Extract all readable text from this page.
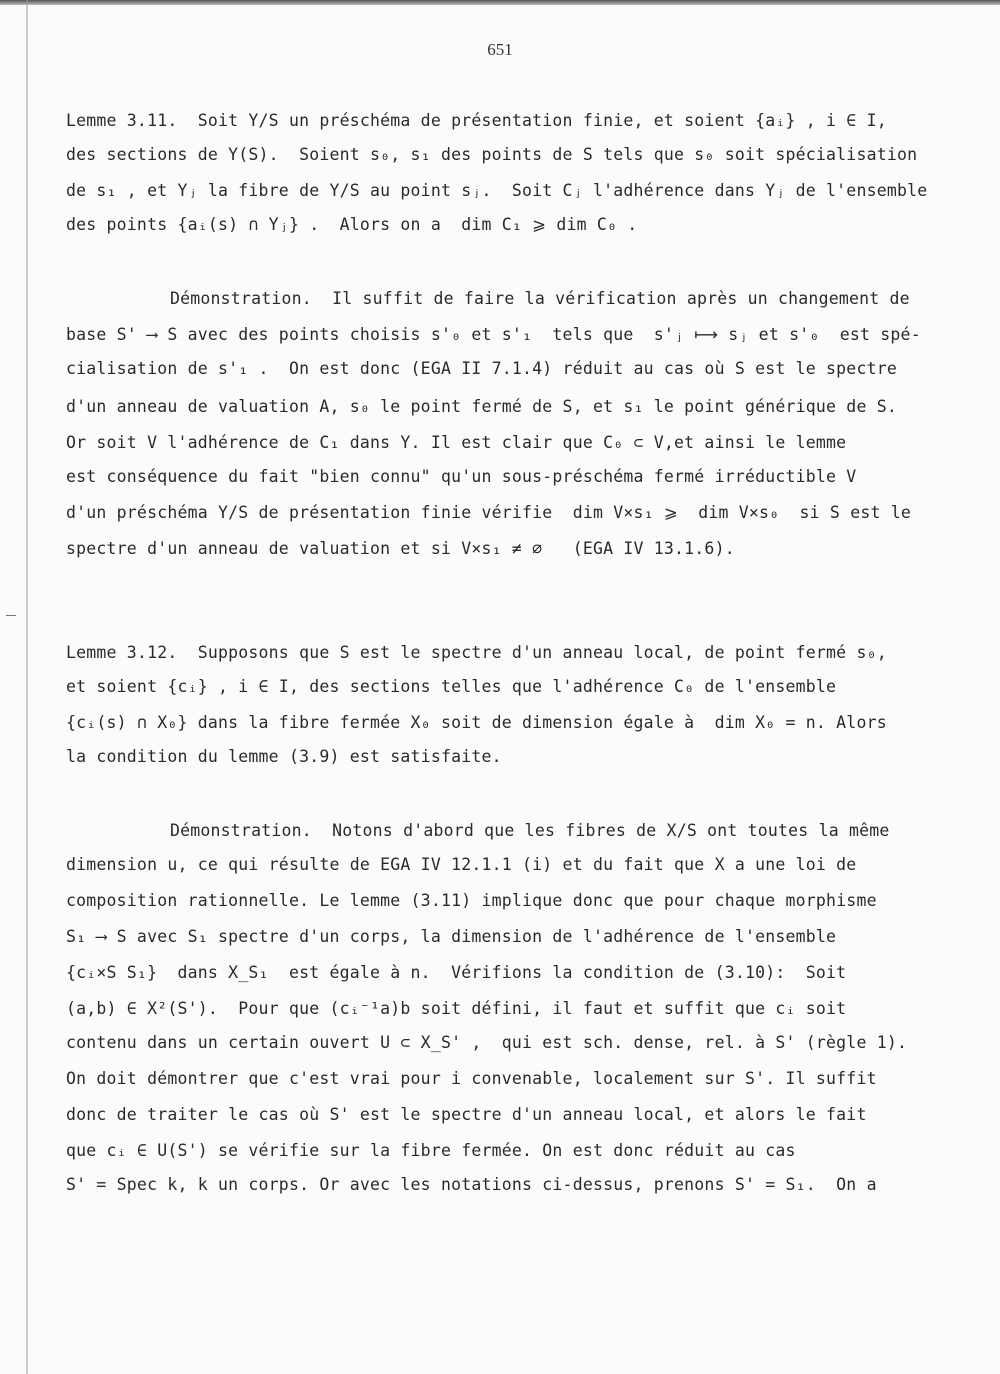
651
Lemme 3.11.  Soit Y/S un préschéma de présentation finie, et soient {aᵢ} , i ∈ I,
des sections de Y(S).  Soient s₀, s₁ des points de S tels que s₀ soit spécialisation
de s₁ , et Yⱼ la fibre de Y/S au point sⱼ.  Soit Cⱼ l'adhérence dans Yⱼ de l'ensemble
des points {aᵢ(s) ∩ Yⱼ} .  Alors on a  dim C₁ ⩾ dim C₀ .
Démonstration.  Il suffit de faire la vérification après un changement de
base S' ⟶ S avec des points choisis s'₀ et s'₁  tels que  s'ⱼ ⟼ sⱼ et s'₀  est spé-
cialisation de s'₁ .  On est donc (EGA II 7.1.4) réduit au cas où S est le spectre
d'un anneau de valuation A, s₀ le point fermé de S, et s₁ le point générique de S.
Or soit V l'adhérence de C₁ dans Y. Il est clair que C₀ ⊂ V,et ainsi le lemme
est conséquence du fait "bien connu" qu'un sous-préschéma fermé irréductible V
d'un préschéma Y/S de présentation finie vérifie  dim V×s₁ ⩾  dim V×s₀  si S est le
spectre d'un anneau de valuation et si V×s₁ ≠ ∅   (EGA IV 13.1.6).
Lemme 3.12.  Supposons que S est le spectre d'un anneau local, de point fermé s₀,
et soient {cᵢ} , i ∈ I, des sections telles que l'adhérence C₀ de l'ensemble
{cᵢ(s) ∩ X₀} dans la fibre fermée X₀ soit de dimension égale à  dim X₀ = n. Alors
la condition du lemme (3.9) est satisfaite.
Démonstration.  Notons d'abord que les fibres de X/S ont toutes la même
dimension u, ce qui résulte de EGA IV 12.1.1 (i) et du fait que X a une loi de
composition rationnelle. Le lemme (3.11) implique donc que pour chaque morphisme
S₁ ⟶ S avec S₁ spectre d'un corps, la dimension de l'adhérence de l'ensemble
{cᵢ×S S₁}  dans X_S₁  est égale à n.  Vérifions la condition de (3.10):  Soit
(a,b) ∈ X²(S').  Pour que (cᵢ⁻¹a)b soit défini, il faut et suffit que cᵢ soit
contenu dans un certain ouvert U ⊂ X_S' ,  qui est sch. dense, rel. à S' (règle 1).
On doit démontrer que c'est vrai pour i convenable, localement sur S'. Il suffit
donc de traiter le cas où S' est le spectre d'un anneau local, et alors le fait
que cᵢ ∈ U(S') se vérifie sur la fibre fermée. On est donc réduit au cas
S' = Spec k, k un corps. Or avec les notations ci-dessus, prenons S' = S₁.  On a
